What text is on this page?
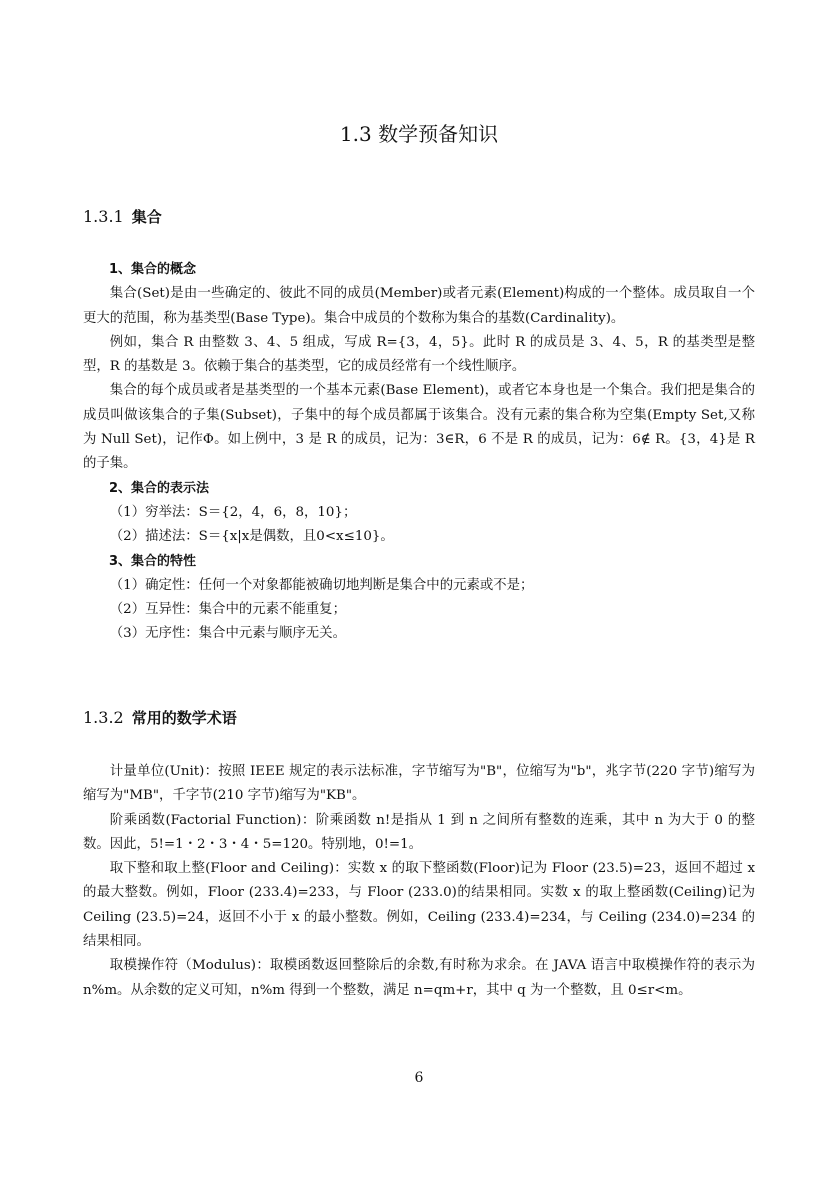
1.3 数学预备知识
1.3.1 集合

1、集合的概念

集合(Set)是由一些确定的、彼此不同的成员(Member)或者元素(Element)构成的一个整体。成员取自一个更大的范围，称为基类型(Base Type)。集合中成员的个数称为集合的基数(Cardinality)。

例如，集合 R 由整数 3、4、5 组成，写成 R={3，4，5}。此时 R 的成员是 3、4、5，R 的基类型是整型，R 的基数是 3。依赖于集合的基类型，它的成员经常有一个线性顺序。

集合的每个成员或者是基类型的一个基本元素(Base Element)，或者它本身也是一个集合。我们把是集合的成员叫做该集合的子集(Subset)，子集中的每个成员都属于该集合。没有元素的集合称为空集(Empty Set,又称为 Null Set)，记作Φ。如上例中，3 是 R 的成员，记为：3∈R，6 不是 R 的成员，记为：6∉ R。{3，4}是 R 的子集。

2、集合的表示法

（1）穷举法：S＝{2，4，6，8，10}；

（2）描述法：S＝{x|x是偶数，且0<x≤10}。

3、集合的特性

（1）确定性：任何一个对象都能被确切地判断是集合中的元素或不是；

（2）互异性：集合中的元素不能重复；

（3）无序性：集合中元素与顺序无关。

1.3.2 常用的数学术语

计量单位(Unit)：按照 IEEE 规定的表示法标准，字节缩写为"B"，位缩写为"b"，兆字节(220 字节)缩写为缩写为"MB"，千字节(210 字节)缩写为"KB"。

阶乘函数(Factorial Function)：阶乘函数 n!是指从 1 到 n 之间所有整数的连乘，其中 n 为大于 0 的整数。因此，5!=1・2・3・4・5=120。特别地，0!=1。

取下整和取上整(Floor and Ceiling)：实数 x 的取下整函数(Floor)记为 Floor (23.5)=23，返回不超过 x 的最大整数。例如，Floor (233.4)=233，与 Floor (233.0)的结果相同。实数 x 的取上整函数(Ceiling)记为 Ceiling (23.5)=24，返回不小于 x 的最小整数。例如，Ceiling (233.4)=234，与 Ceiling (234.0)=234 的结果相同。

取模操作符（Modulus)：取模函数返回整除后的余数,有时称为求余。在 JAVA 语言中取模操作符的表示为 n%m。从余数的定义可知，n%m 得到一个整数，满足 n=qm+r，其中 q 为一个整数，且 0≤r<m。

6
